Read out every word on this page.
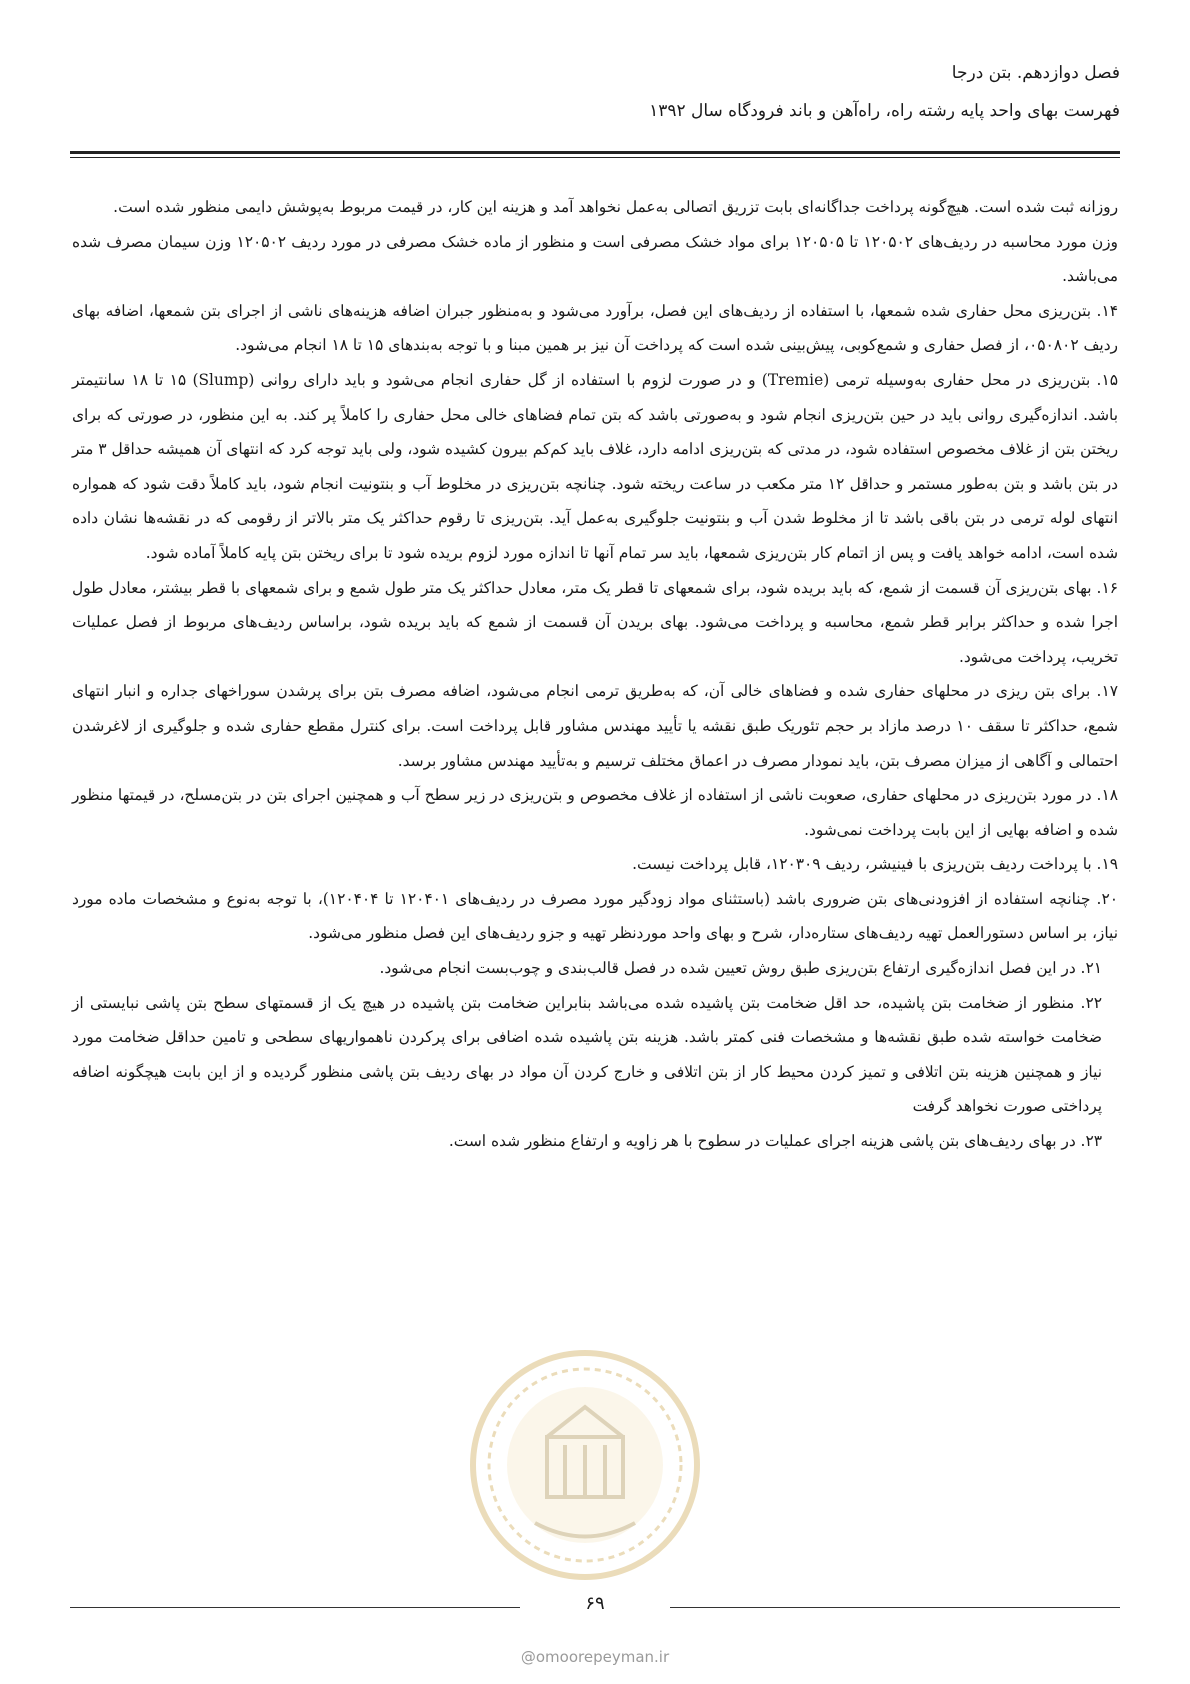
فصل دوازدهم. بتن درجا
فهرست بهای واحد پایه رشته راه، راه‌آهن و باند فرودگاه سال ۱۳۹۲

روزانه ثبت شده است. هیچ‌گونه پرداخت جداگانه‌ای بابت تزریق اتصالی به‌عمل نخواهد آمد و هزینه این کار، در قیمت مربوط به‌پوشش دایمی منظور شده است.

وزن مورد محاسبه در ردیف‌های ۱۲۰۵۰۲ تا ۱۲۰۵۰۵ برای مواد خشک مصرفی است و منظور از ماده خشک مصرفی در مورد ردیف ۱۲۰۵۰۲ وزن سیمان مصرف شده می‌باشد.

۱۴. بتن‌ریزی محل حفاری شده شمعها، با استفاده از ردیف‌های این فصل، برآورد می‌شود و به‌منظور جبران اضافه هزینه‌های ناشی از اجرای بتن شمعها، اضافه بهای ردیف ۰۵۰۸۰۲، از فصل حفاری و شمع‌کوبی، پیش‌بینی شده است که پرداخت آن نیز بر همین مبنا و با توجه به‌بندهای ۱۵ تا ۱۸ انجام می‌شود.

۱۵. بتن‌ریزی در محل حفاری به‌وسیله ترمی (Tremie) و در صورت لزوم با استفاده از گل حفاری انجام می‌شود و باید دارای روانی (Slump) ۱۵ تا ۱۸ سانتیمتر باشد. اندازه‌گیری روانی باید در حین بتن‌ریزی انجام شود و به‌صورتی باشد که بتن تمام فضاهای خالی محل حفاری را کاملاً پر کند. به این منظور، در صورتی که برای ریختن بتن از غلاف مخصوص استفاده شود، در مدتی که بتن‌ریزی ادامه دارد، غلاف باید کم‌کم بیرون کشیده شود، ولی باید توجه کرد که انتهای آن همیشه حداقل ۳ متر در بتن باشد و بتن به‌طور مستمر و حداقل ۱۲ متر مکعب در ساعت ریخته شود. چنانچه بتن‌ریزی در مخلوط آب و بنتونیت انجام شود، باید کاملاً دقت شود که همواره انتهای لوله ترمی در بتن باقی باشد تا از مخلوط شدن آب و بنتونیت جلوگیری به‌عمل آید. بتن‌ریزی تا رقوم حداکثر یک متر بالاتر از رقومی که در نقشه‌ها نشان داده شده است، ادامه خواهد یافت و پس از اتمام کار بتن‌ریزی شمعها، باید سر تمام آنها تا اندازه مورد لزوم بریده شود تا برای ریختن بتن پایه کاملاً آماده شود.

۱۶. بهای بتن‌ریزی آن قسمت از شمع، که باید بریده شود، برای شمعهای تا قطر یک متر، معادل حداکثر یک متر طول شمع و برای شمعهای با قطر بیشتر، معادل طول اجرا شده و حداکثر برابر قطر شمع، محاسبه و پرداخت می‌شود. بهای بریدن آن قسمت از شمع که باید بریده شود، براساس ردیف‌های مربوط از فصل عملیات تخریب، پرداخت می‌شود.

۱۷. برای بتن ریزی در محلهای حفاری شده و فضاهای خالی آن، که به‌طریق ترمی انجام می‌شود، اضافه مصرف بتن برای پرشدن سوراخهای جداره و انبار انتهای شمع، حداکثر تا سقف ۱۰ درصد مازاد بر حجم تئوریک طبق نقشه یا تأیید مهندس مشاور قابل پرداخت است. برای کنترل مقطع حفاری شده و جلوگیری از لاغرشدن احتمالی و آگاهی از میزان مصرف بتن، باید نمودار مصرف در اعماق مختلف ترسیم و به‌تأیید مهندس مشاور برسد.

۱۸. در مورد بتن‌ریزی در محلهای حفاری، صعوبت ناشی از استفاده از غلاف مخصوص و بتن‌ریزی در زیر سطح آب و همچنین اجرای بتن در بتن‌مسلح، در قیمتها منظور شده و اضافه بهایی از این بابت پرداخت نمی‌شود.

۱۹. با پرداخت ردیف بتن‌ریزی با فینیشر، ردیف ۱۲۰۳۰۹، قابل پرداخت نیست.

۲۰. چنانچه استفاده از افزودنی‌های بتن ضروری باشد (باستثنای مواد زودگیر مورد مصرف در ردیف‌های ۱۲۰۴۰۱ تا ۱۲۰۴۰۴)، با توجه به‌نوع و مشخصات ماده مورد نیاز، بر اساس دستورالعمل تهیه ردیف‌های ستاره‌دار، شرح و بهای واحد موردنظر تهیه و جزو ردیف‌های این فصل منظور می‌شود.

۲۱. در این فصل اندازه‌گیری ارتفاع بتن‌ریزی طبق روش تعیین شده در فصل قالب‌بندی و چوب‌بست انجام می‌شود.

۲۲. منظور از ضخامت بتن پاشیده، حد اقل ضخامت بتن پاشیده شده می‌باشد بنابراین ضخامت بتن پاشیده در هیچ یک از قسمتهای سطح بتن پاشی نبایستی از ضخامت خواسته شده طبق نقشه‌ها و مشخصات فنی کمتر باشد. هزینه بتن پاشیده شده اضافی برای پرکردن ناهمواریهای سطحی و تامین حداقل ضخامت مورد نیاز و همچنین هزینه بتن اتلافی و تمیز کردن محیط کار از بتن اتلافی و خارج کردن آن مواد در بهای ردیف بتن پاشی منظور گردیده و از این بابت هیچگونه اضافه پرداختی صورت نخواهد گرفت

۲۳. در بهای ردیف‌های بتن پاشی هزینه اجرای عملیات در سطوح با هر زاویه و ارتفاع منظور شده است.

۶۹
@omoorepeyman.ir
